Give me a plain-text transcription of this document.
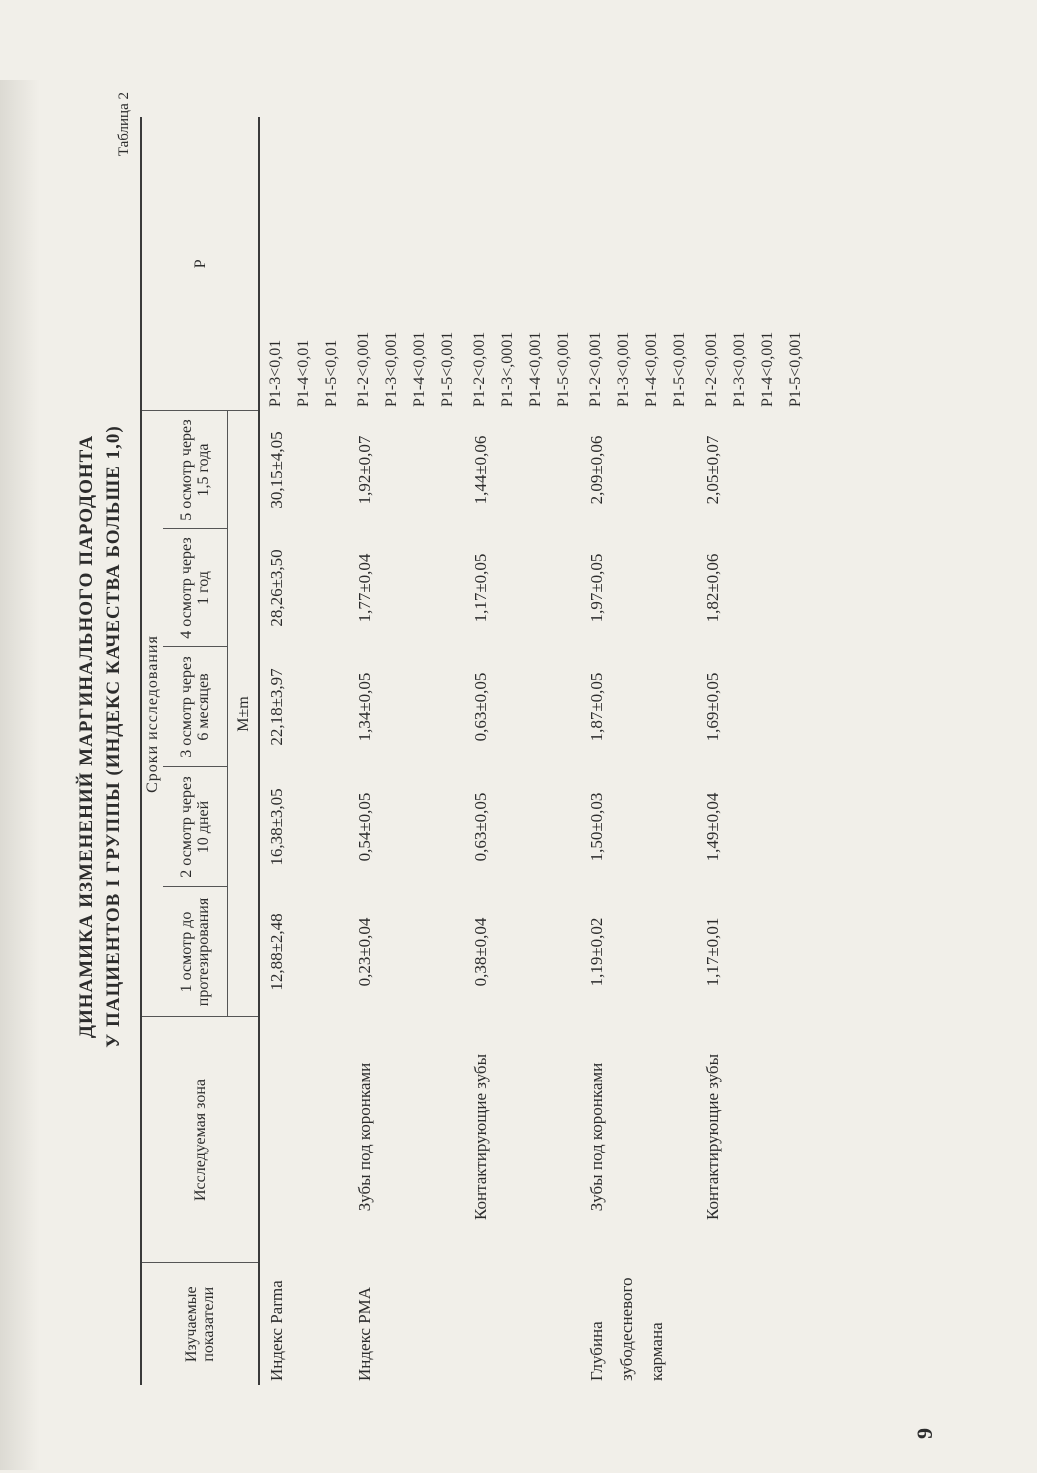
Таблица 2
ДИНАМИКА ИЗМЕНЕНИЙ МАРГИНАЛЬНОГО ПАРОДОНТА У ПАЦИЕНТОВ I ГРУППЫ (ИНДЕКС КАЧЕСТВА БОЛЬШЕ 1,0)
Изучаемые показатели	Исследуемая зона	Сроки исследования					P
		1 осмотр до протезирования	2 осмотр через 10 дней	3 осмотр через 6 месяцев	4 осмотр через 1 год	5 осмотр через 1,5 года	
		M±m					
Индекс Parma		12,88±2,48	16,38±3,05	22,18±3,97	28,26±3,50	30,15±4,05	P1-3<0,01 P1-4<0,01 P1-5<0,01

Индекс РМА	Зубы под коронками	0,23±0,04	0,54±0,05	1,34±0,05	1,77±0,04	1,92±0,07	P1-2<0,001 P1-3<0,001 P1-4<0,001 P1-5<0,001

	Контактирующие зубы	0,38±0,04	0,63±0,05	0,63±0,05	1,17±0,05	1,44±0,06	P1-2<0,001 P1-3<,0001 P1-4<0,001 P1-5<0,001

Глубина зубодесневого кармана	Зубы под коронками	1,19±0,02	1,50±0,03	1,87±0,05	1,97±0,05	2,09±0,06	P1-2<0,001 P1-3<0,001 P1-4<0,001 P1-5<0,001

	Контактирующие зубы	1,17±0,01	1,49±0,04	1,69±0,05	1,82±0,06	2,05±0,07	P1-2<0,001 P1-3<0,001 P1-4<0,001 P1-5<0,001
9
